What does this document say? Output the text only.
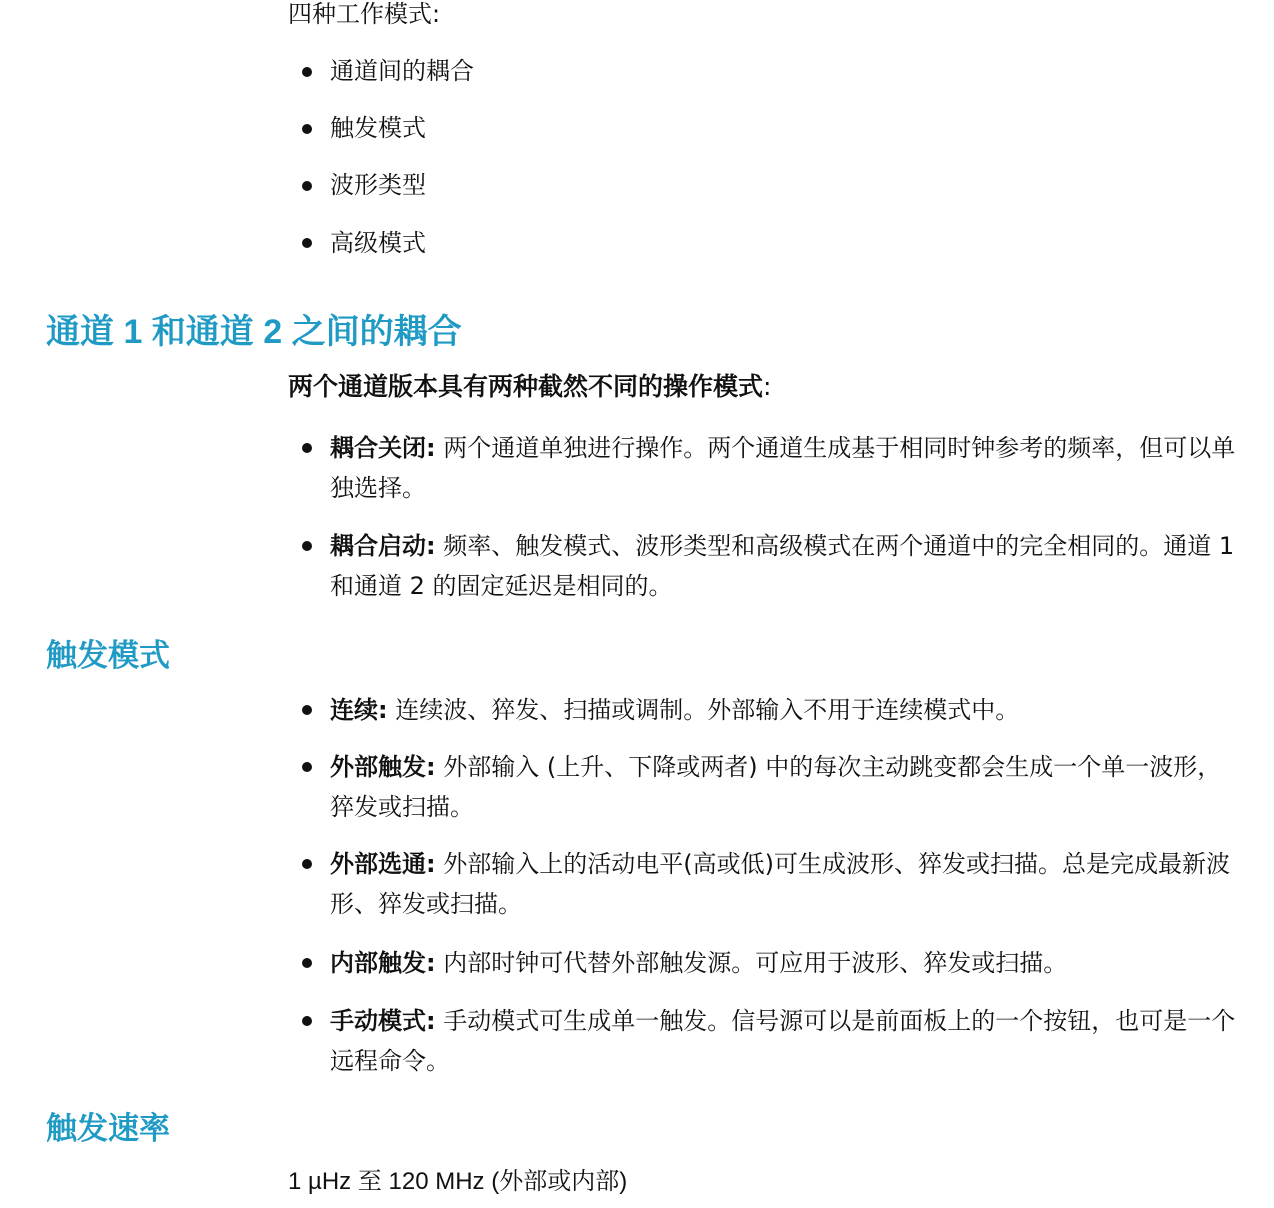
四种工作模式:
通道间的耦合
触发模式
波形类型
高级模式
通道 1 和通道 2 之间的耦合
两个通道版本具有两种截然不同的操作模式:
耦合关闭: 两个通道单独进行操作。两个通道生成基于相同时钟参考的频率，但可以单独选择。
耦合启动: 频率、触发模式、波形类型和高级模式在两个通道中的完全相同的。通道 1 和通道 2 的固定延迟是相同的。
触发模式
连续: 连续波、猝发、扫描或调制。外部输入不用于连续模式中。
外部触发: 外部输入 (上升、下降或两者) 中的每次主动跳变都会生成一个单一波形，猝发或扫描。
外部选通: 外部输入上的活动电平(高或低)可生成波形、猝发或扫描。总是完成最新波形、猝发或扫描。
内部触发: 内部时钟可代替外部触发源。可应用于波形、猝发或扫描。
手动模式: 手动模式可生成单一触发。信号源可以是前面板上的一个按钮，也可是一个远程命令。
触发速率
1 µHz 至 120 MHz (外部或内部)
